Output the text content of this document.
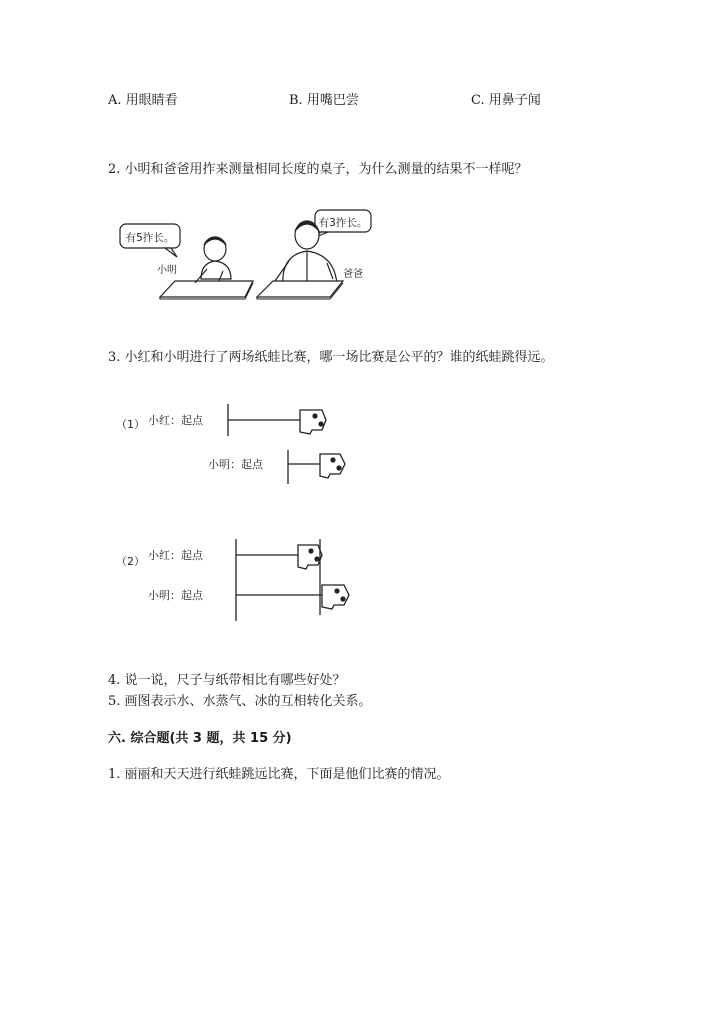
A. 用眼睛看	B. 用嘴巴尝	C. 用鼻子闻
2. 小明和爸爸用拃来测量相同长度的桌子，为什么测量的结果不一样呢？
有5拃长。
小明
有3拃长。
爸爸
3. 小红和小明进行了两场纸蛙比赛，哪一场比赛是公平的？谁的纸蛙跳得远。
（1） 小红：起点
小明：起点
（2） 小红：起点
小明：起点
4. 说一说，尺子与纸带相比有哪些好处？
5. 画图表示水、水蒸气、冰的互相转化关系。
六. 综合题(共 3 题，共 15 分)
1. 丽丽和天天进行纸蛙跳远比赛，下面是他们比赛的情况。
